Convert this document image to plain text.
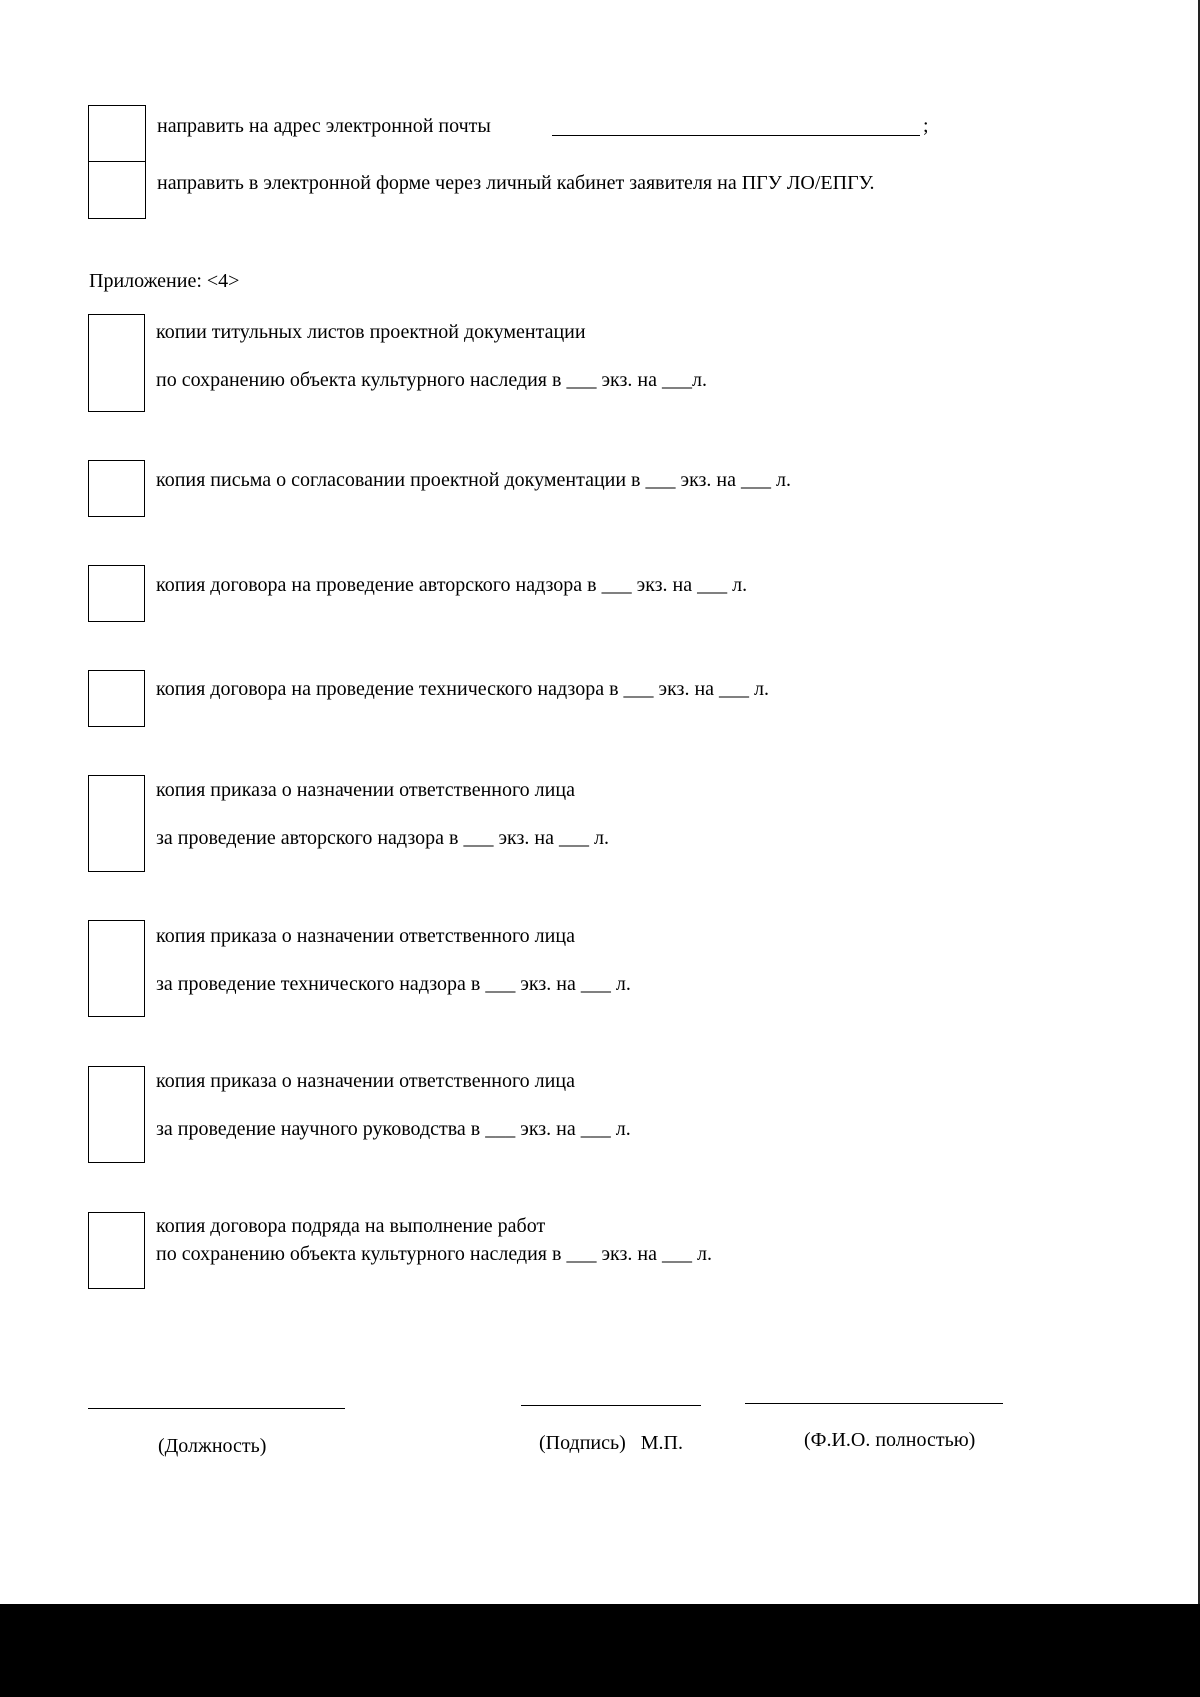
направить на адрес электронной почты	;
направить в электронной форме через личный кабинет заявителя на ПГУ ЛО/ЕПГУ.
Приложение: <4>
копии титульных листов проектной документации
по сохранению объекта культурного наследия в ___ экз. на ___л.
копия письма о согласовании проектной документации в ___ экз. на ___ л.
копия договора на проведение авторского надзора в ___ экз. на ___ л.
копия договора на проведение технического надзора в ___ экз. на ___ л.
копия приказа о назначении ответственного лица
за проведение авторского надзора в ___ экз. на ___ л.
копия приказа о назначении ответственного лица
за проведение технического надзора в ___ экз. на ___ л.
копия приказа о назначении ответственного лица
за проведение научного руководства в ___ экз. на ___ л.
копия договора подряда на выполнение работ
по сохранению объекта культурного наследия в ___ экз. на ___ л.
(Должность)	(Подпись)   М.П.	(Ф.И.О. полностью)
